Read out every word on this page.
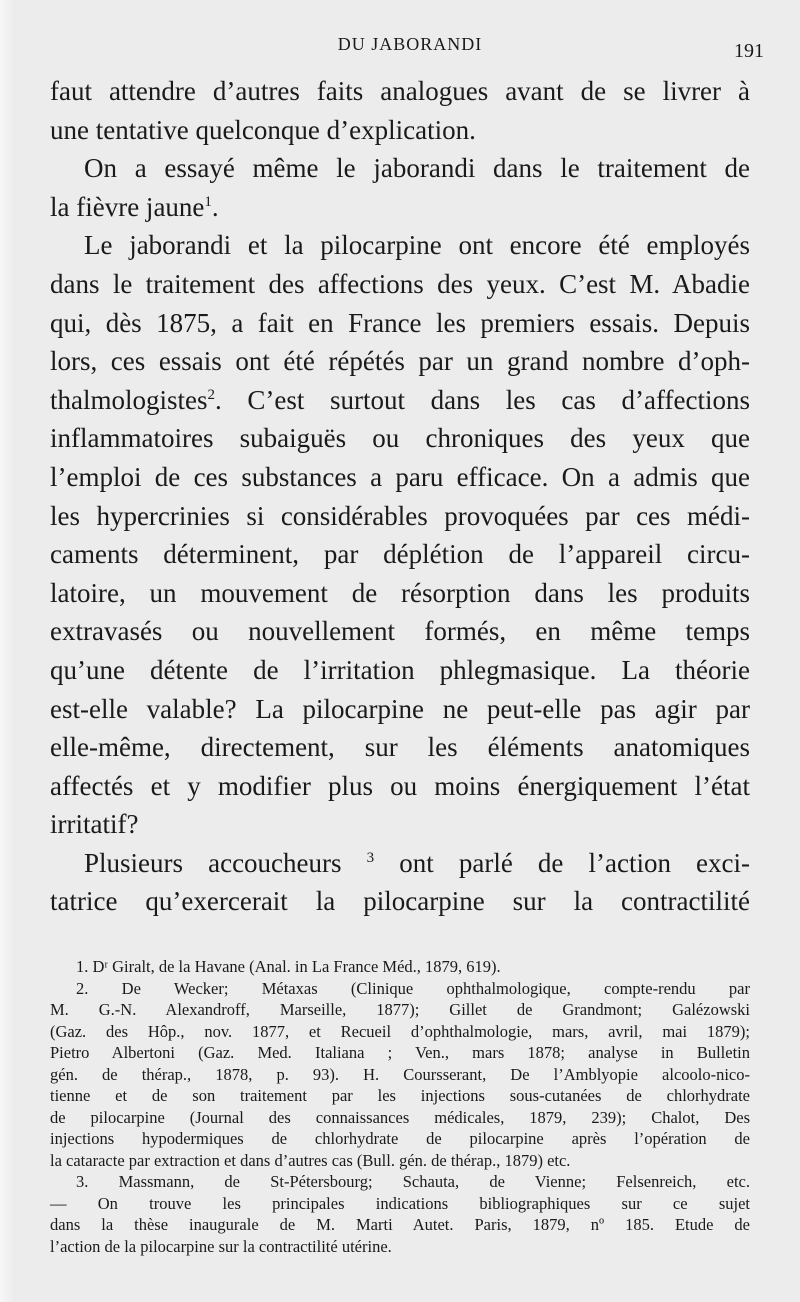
DU JABORANDI	191
faut attendre d’autres faits analogues avant de se livrer à
une tentative quelconque d’explication.
On a essayé même le jaborandi dans le traitement de
la fièvre jaune$^1$.
Le jaborandi et la pilocarpine ont encore été employés
dans le traitement des affections des yeux. C’est M. Abadie
qui, dès 1875, a fait en France les premiers essais. Depuis
lors, ces essais ont été répétés par un grand nombre d’oph-
thalmologistes$^2$. C’est surtout dans les cas d’affections
inflammatoires subaiguës ou chroniques des yeux que
l’emploi de ces substances a paru efficace. On a admis que
les hypercrinies si considérables provoquées par ces médi-
caments déterminent, par déplétion de l’appareil circu-
latoire, un mouvement de résorption dans les produits
extravasés ou nouvellement formés, en même temps
qu’une détente de l’irritation phlegmasique. La théorie
est-elle valable? La pilocarpine ne peut-elle pas agir par
elle-même, directement, sur les éléments anatomiques
affectés et y modifier plus ou moins énergiquement l’état
irritatif?
Plusieurs accoucheurs $^3$ ont parlé de l’action exci-
tatrice qu’exercerait la pilocarpine sur la contractilité
1. Dʳ Giralt, de la Havane (Anal. in La France Méd., 1879, 619).
2. De Wecker; Métaxas (Clinique ophthalmologique, compte-rendu par
M. G.-N. Alexandroff, Marseille, 1877); Gillet de Grandmont; Galézowski
(Gaz. des Hôp., nov. 1877, et Recueil d’ophthalmologie, mars, avril, mai 1879);
Pietro Albertoni (Gaz. Med. Italiana ; Ven., mars 1878; analyse in Bulletin
gén. de thérap., 1878, p. 93). H. Coursserant, De l’Amblyopie alcoolo-nico-
tienne et de son traitement par les injections sous-cutanées de chlorhydrate
de pilocarpine (Journal des connaissances médicales, 1879, 239); Chalot, Des
injections hypodermiques de chlorhydrate de pilocarpine après l’opération de
la cataracte par extraction et dans d’autres cas (Bull. gén. de thérap., 1879) etc.
3. Massmann, de St-Pétersbourg; Schauta, de Vienne; Felsenreich, etc.
— On trouve les principales indications bibliographiques sur ce sujet
dans la thèse inaugurale de M. Marti Autet. Paris, 1879, nº 185. Etude de
l’action de la pilocarpine sur la contractilité utérine.
